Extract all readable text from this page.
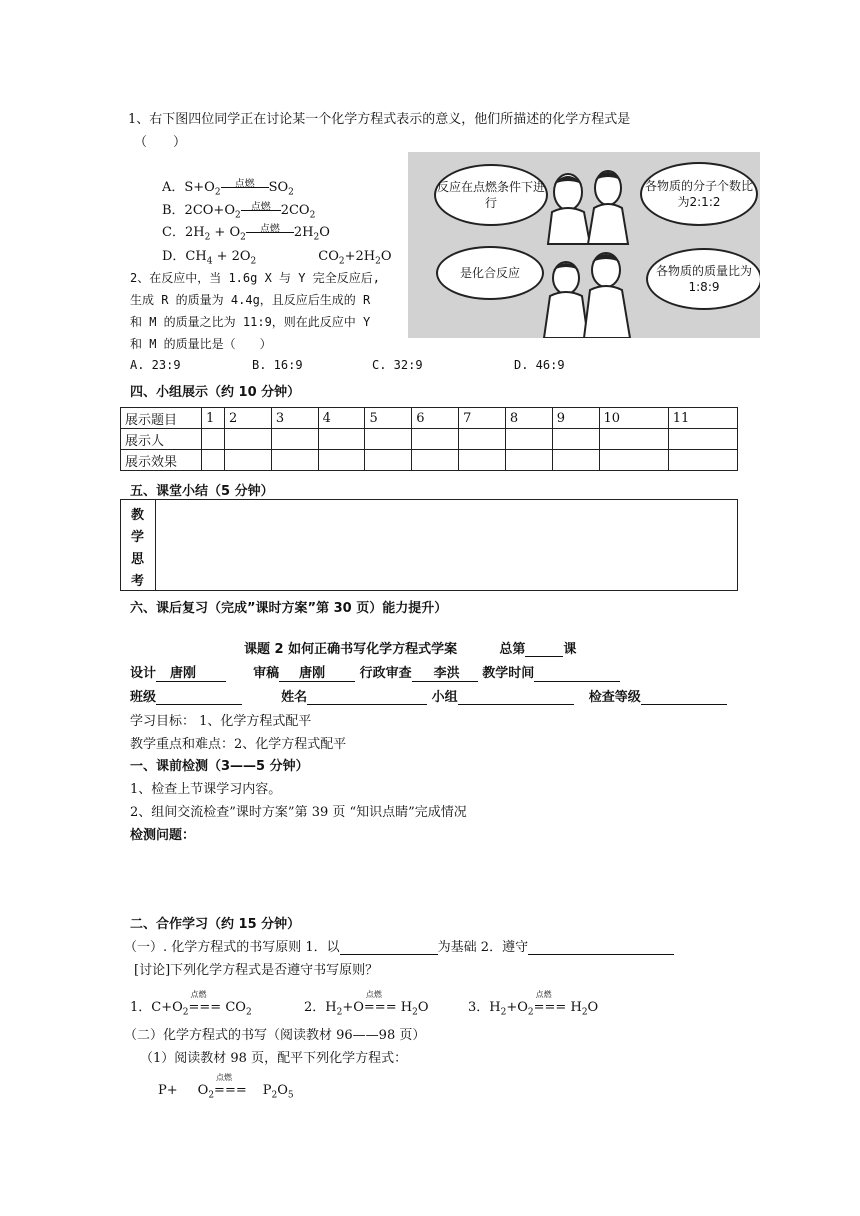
1、右下图四位同学正在讨论某一个化学方程式表示的意义，他们所描述的化学方程式是
（　　）
A．$S+O_2$
点燃 $SO_2$
B．$2CO+O_2$
点燃 $2CO_2$
C．$2H_2 + O_2$
点燃 $2H_2O$
D．$CH_4 + 2O_2$	$CO_2+2H_2O$
反应在点燃条件下进行
各物质的分子个数比为2:1:2
是化合反应	各物质的质量比为1:8:9
2、在反应中，当 1.6g X 与 Y 完全反应后,
生成 R 的质量为 4.4g，且反应后生成的 R
和 M 的质量之比为 11:9，则在此反应中 Y
和 M 的质量比是（　　）
A. 23:9	B. 16:9	C. 32:9	D. 46:9
四、小组展示（约 10 分钟）
展示题目	1	2	3	4	5	6	7	8	9	10	11
展示人											
展示效果											
五、课堂小结（5 分钟）
教
学
思
考
六、课后复习（完成”课时方案”第 30 页）能力提升）
课题 2 如何正确书写化学方程式学案	总第	课
设计 唐刚	审稿 唐刚	行政审查 李洪 教学时间
班级	姓名	小组	检查等级
学习目标： 1、化学方程式配平
教学重点和难点：2、化学方程式配平
一、课前检测（3——5 分钟）
1、检查上节课学习内容。
2、组间交流检查”课时方案”第 39 页 “知识点睛”完成情况
检测问题：
二、合作学习（约 15 分钟）
（一）. 化学方程式的书写原则 1．以	为基础 2．遵守
[讨论]下列化学方程式是否遵守书写原则？
1．$C+O_2$
点燃
=== $CO_2$	2．$H_2+O$
点燃
=== $H_2O$	3．$H_2+O_2$
点燃
=== $H_2O$
（二）化学方程式的书写（阅读教材 96——98 页）
（1）阅读教材 98 页，配平下列化学方程式：
$P+ O_2$
点燃
=== $P_2O_5$
